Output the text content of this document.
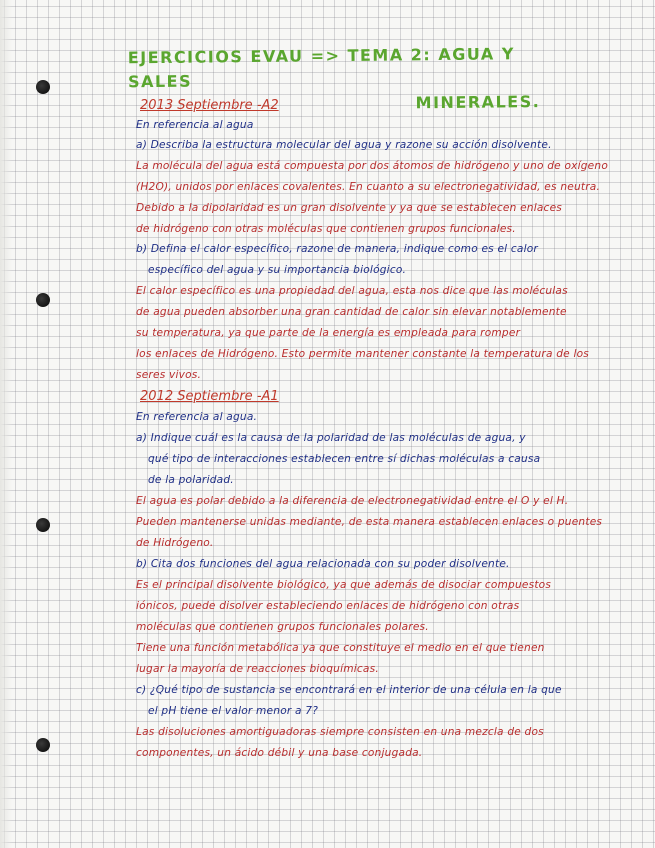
EJERCICIOS EVAU => TEMA 2: AGUA Y SALES
MINERALES.
2013 Septiembre -A2
En referencia al agua
a) Describa la estructura molecular del agua y razone su acción disolvente.
La molécula del agua está compuesta por dos átomos de hidrógeno y uno de oxígeno
(H2O), unidos por enlaces covalentes. En cuanto a su electronegatividad, es neutra.
Debido a la dipolaridad es un gran disolvente y ya que se establecen enlaces
de hidrógeno con otras moléculas que contienen grupos funcionales.
b) Defina el calor específico, razone de manera, indique como es el calor
específico del agua y su importancia biológico.
El calor específico es una propiedad del agua, esta nos dice que las moléculas
de agua pueden absorber una gran cantidad de calor sin elevar notablemente
su temperatura, ya que parte de la energía es empleada para romper
los enlaces de Hidrógeno. Esto permite mantener constante la temperatura de los
seres vivos.
2012 Septiembre -A1
En referencia al agua.
a) Indique cuál es la causa de la polaridad de las moléculas de agua, y
qué tipo de interacciones establecen entre sí dichas moléculas a causa
de la polaridad.
El agua es polar debido a la diferencia de electronegatividad entre el O y el H.
Pueden mantenerse unidas mediante, de esta manera establecen enlaces o puentes
de Hidrógeno.
b) Cita dos funciones del agua relacionada con su poder disolvente.
Es el principal disolvente biológico, ya que además de disociar compuestos
iónicos, puede disolver estableciendo enlaces de hidrógeno con otras
moléculas que contienen grupos funcionales polares.
Tiene una función metabólica ya que constituye el medio en el que tienen
lugar la mayoría de reacciones bioquímicas.
c) ¿Qué tipo de sustancia se encontrará en el interior de una célula en la que
el pH tiene el valor menor a 7?
Las disoluciones amortiguadoras siempre consisten en una mezcla de dos
componentes, un ácido débil y una base conjugada.
